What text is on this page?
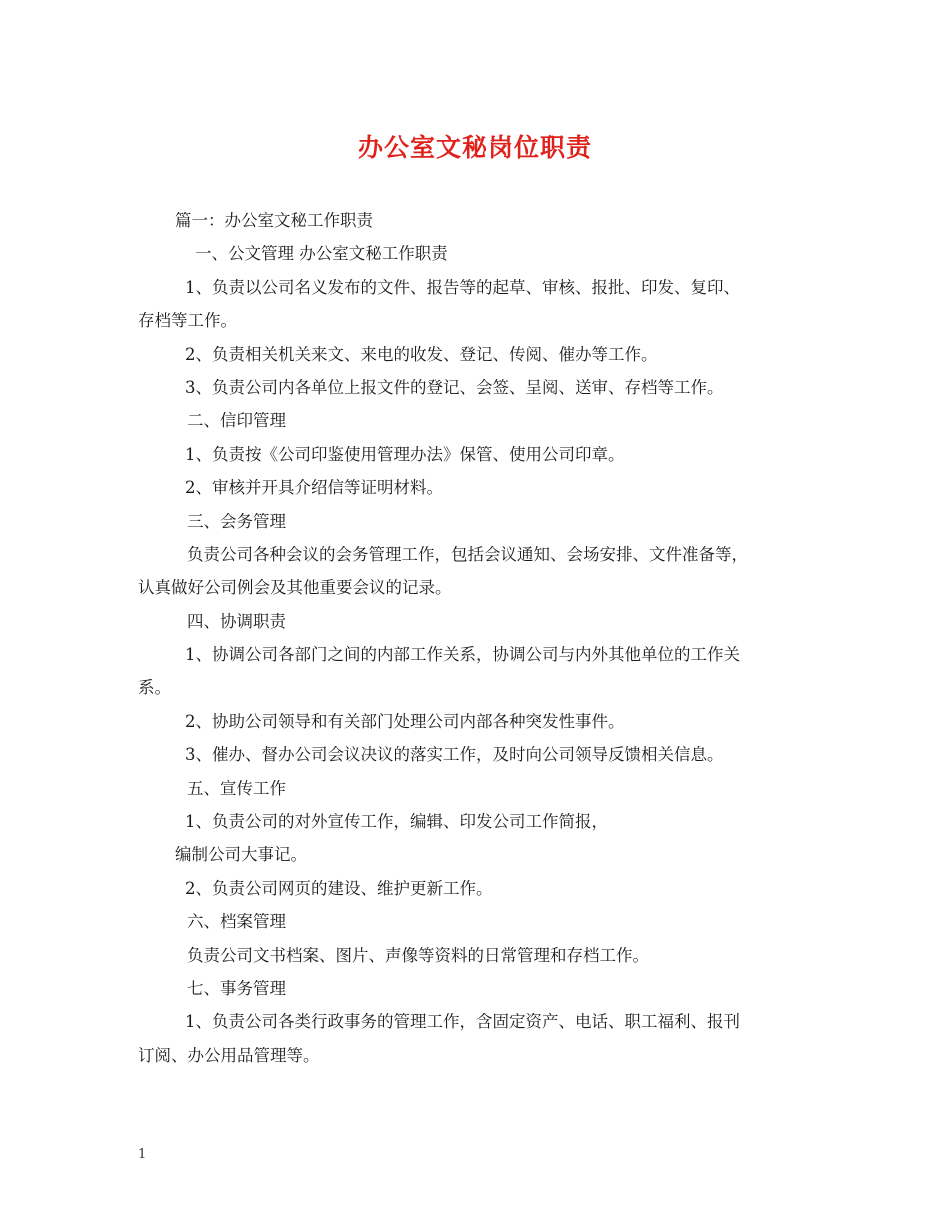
办公室文秘岗位职责
篇一：办公室文秘工作职责
一、公文管理 办公室文秘工作职责
1、负责以公司名义发布的文件、报告等的起草、审核、报批、印发、复印、
存档等工作。
2、负责相关机关来文、来电的收发、登记、传阅、催办等工作。
3、负责公司内各单位上报文件的登记、会签、呈阅、送审、存档等工作。
二、信印管理
1、负责按《公司印鉴使用管理办法》保管、使用公司印章。
2、审核并开具介绍信等证明材料。
三、会务管理
负责公司各种会议的会务管理工作，包括会议通知、会场安排、文件准备等，
认真做好公司例会及其他重要会议的记录。
四、协调职责
1、协调公司各部门之间的内部工作关系，协调公司与内外其他单位的工作关
系。
2、协助公司领导和有关部门处理公司内部各种突发性事件。
3、催办、督办公司会议决议的落实工作，及时向公司领导反馈相关信息。
五、宣传工作
1、负责公司的对外宣传工作，编辑、印发公司工作简报，
编制公司大事记。
2、负责公司网页的建设、维护更新工作。
六、档案管理
负责公司文书档案、图片、声像等资料的日常管理和存档工作。
七、事务管理
1、负责公司各类行政事务的管理工作，含固定资产、电话、职工福利、报刊
订阅、办公用品管理等。
1
